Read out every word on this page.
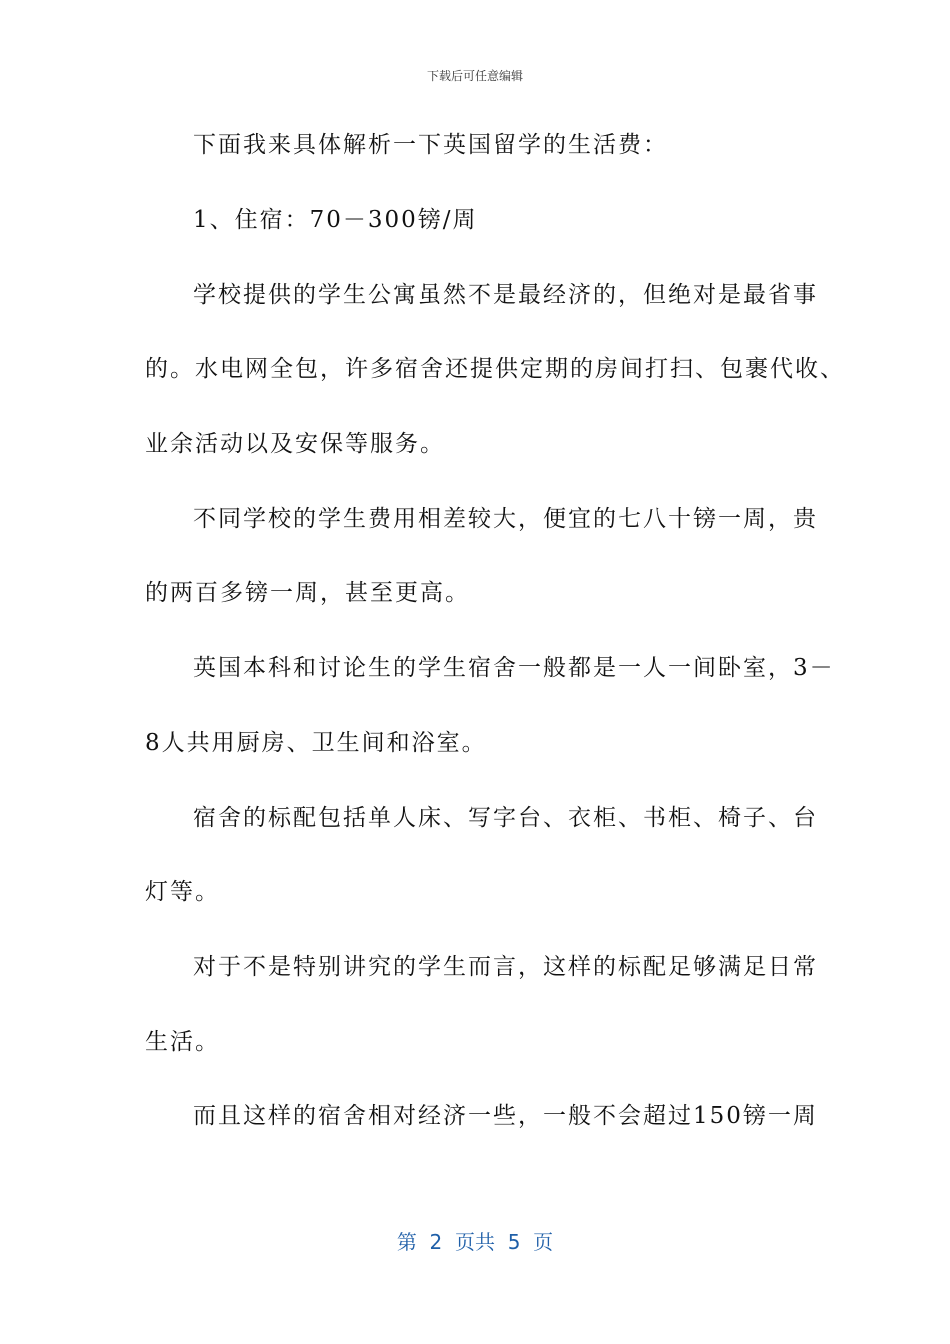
下载后可任意编辑
下面我来具体解析一下英国留学的生活费：
1、住宿：70－300镑/周
学校提供的学生公寓虽然不是最经济的，但绝对是最省事
的。水电网全包，许多宿舍还提供定期的房间打扫、包裹代收、
业余活动以及安保等服务。
不同学校的学生费用相差较大，便宜的七八十镑一周，贵
的两百多镑一周，甚至更高。
英国本科和讨论生的学生宿舍一般都是一人一间卧室，3－
8人共用厨房、卫生间和浴室。
宿舍的标配包括单人床、写字台、衣柜、书柜、椅子、台
灯等。
对于不是特别讲究的学生而言，这样的标配足够满足日常
生活。
而且这样的宿舍相对经济一些，一般不会超过150镑一周
第  2  页共  5  页
